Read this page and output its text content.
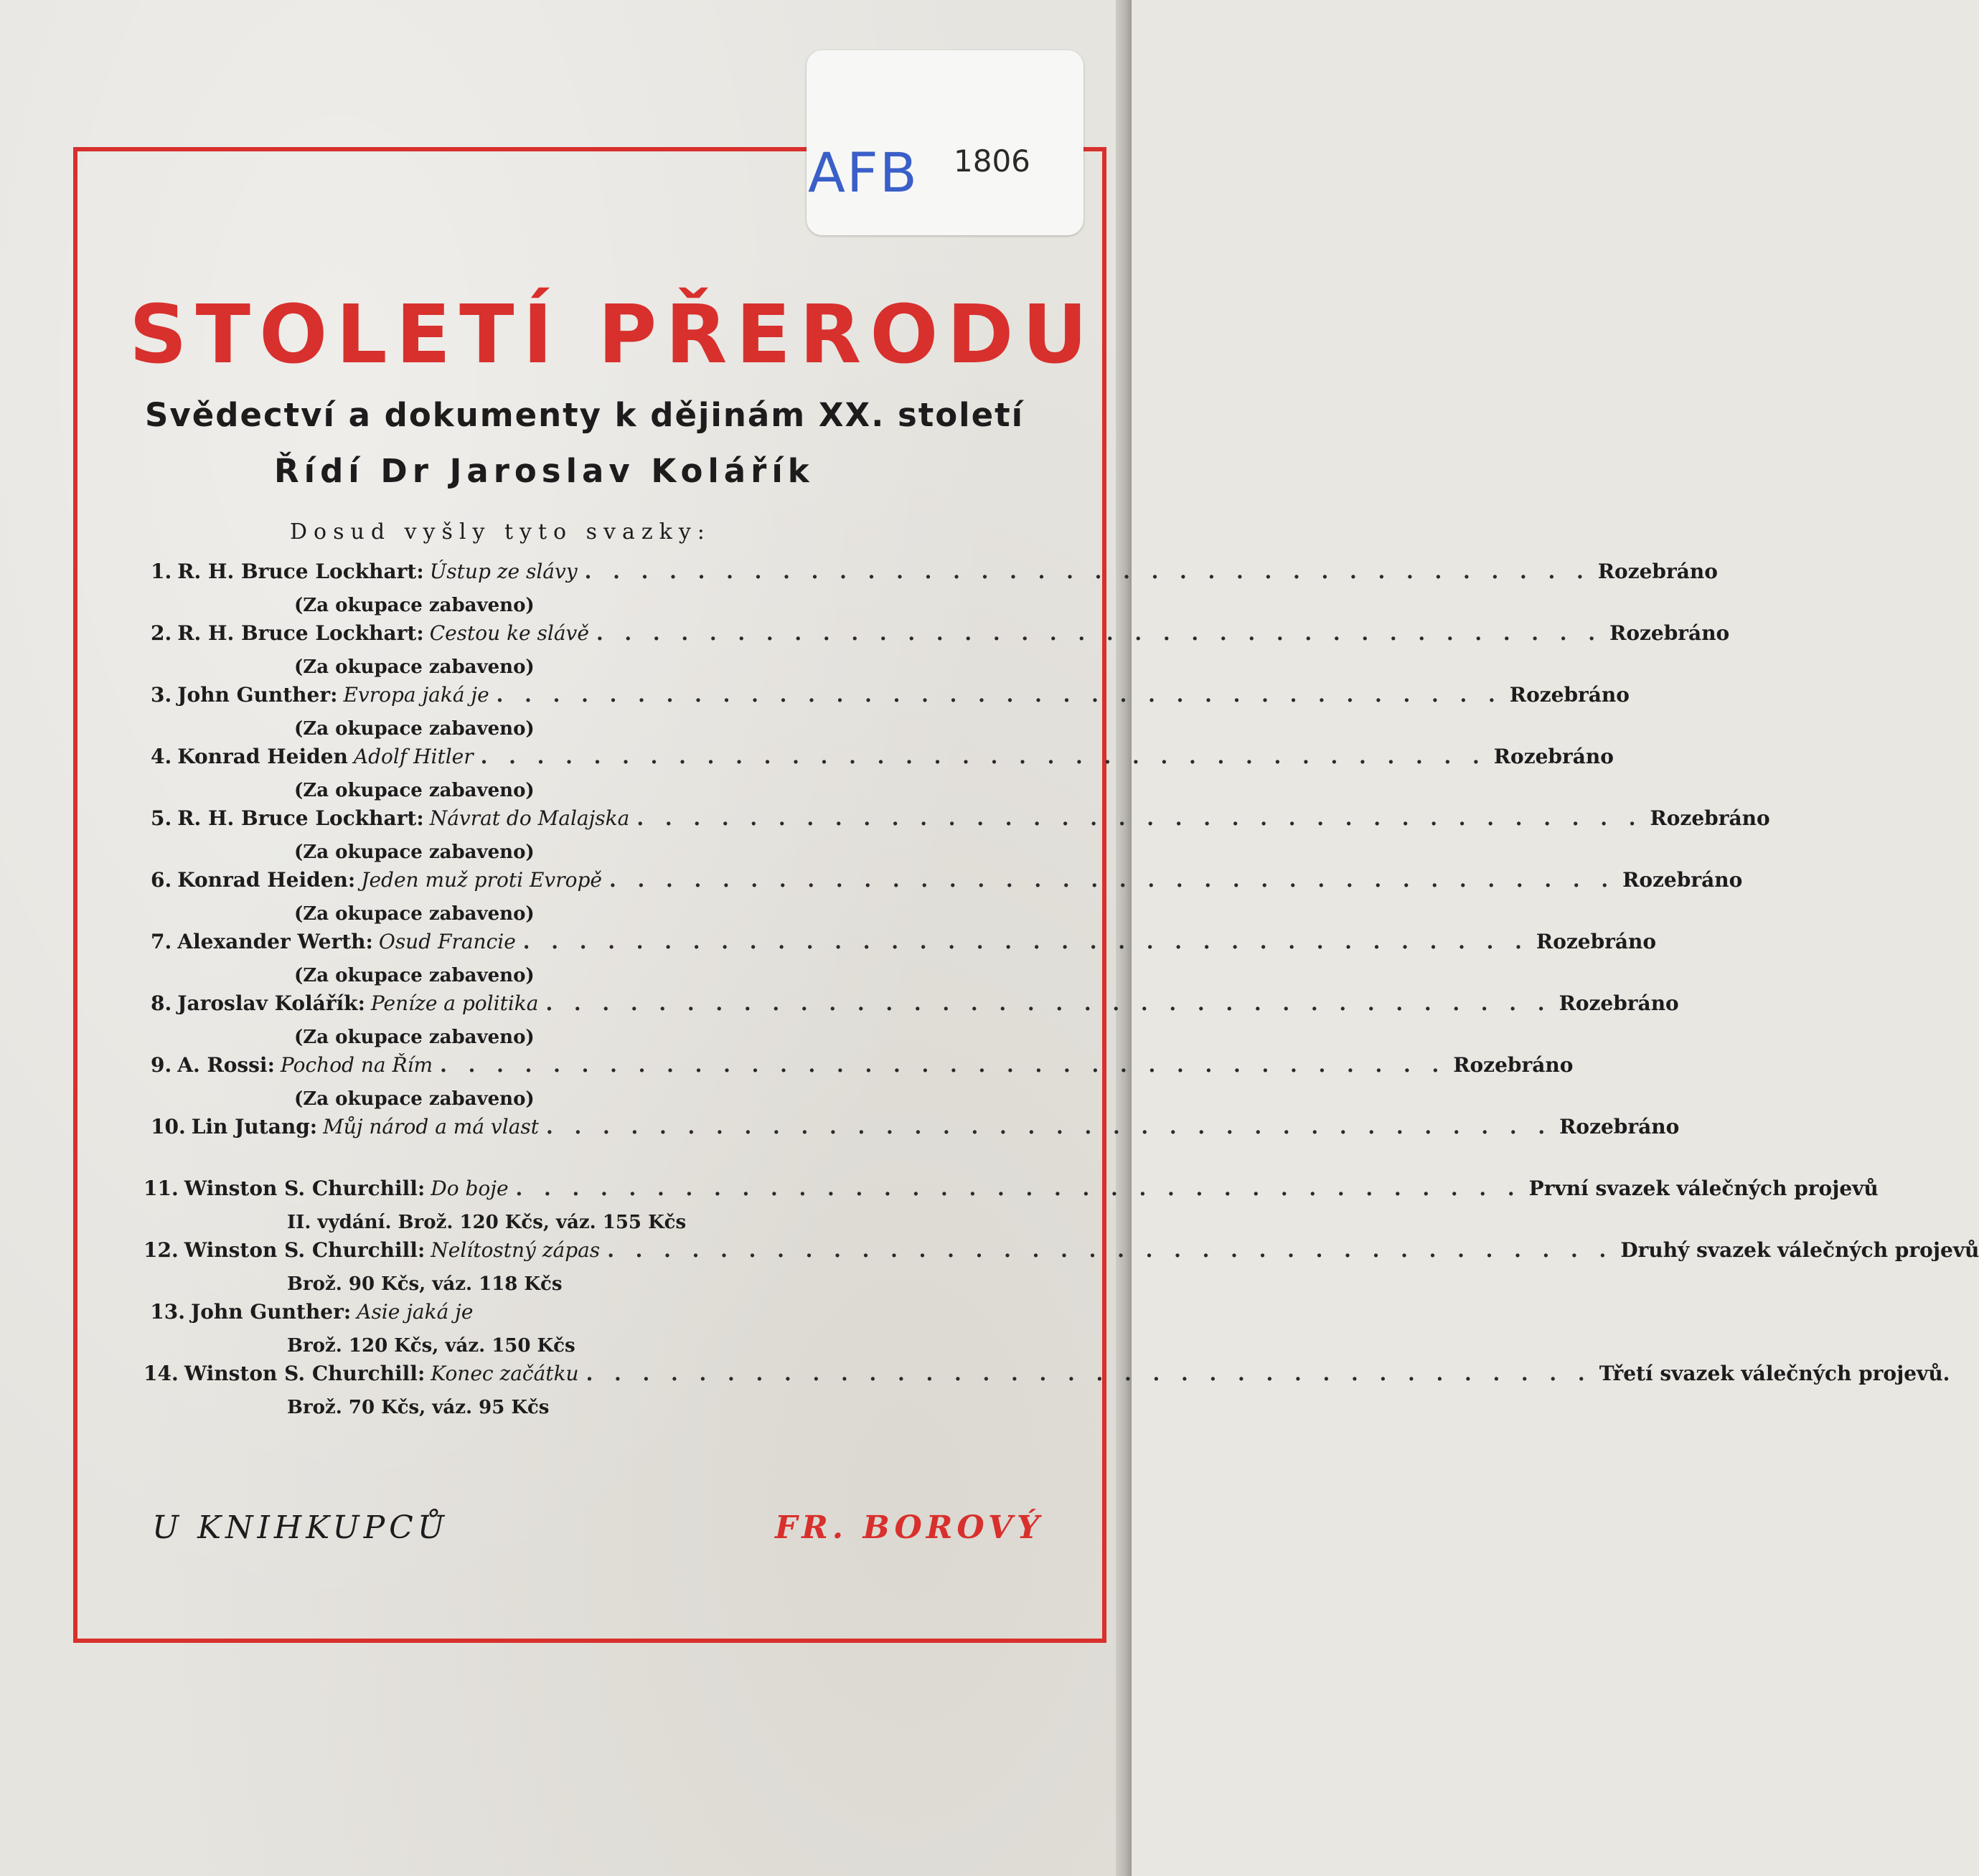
AFB 1806
STOLETÍ PŘERODU
Svědectví a dokumenty k dějinám XX. století
Řídí Dr Jaroslav Kolářík
Dosud vyšly tyto svazky:
1. R. H. Bruce Lockhart : Ústup ze slávy . . . . . . . . . . . . . . . . . . . . . . . . . . . . . . . . . . . . Rozebráno
(Za okupace zabaveno)
2. R. H. Bruce Lockhart : Cestou ke slávě . . . . . . . . . . . . . . . . . . . . . . . . . . . . . . . . . . . . Rozebráno
(Za okupace zabaveno)
3. John Gunther : Evropa jaká je . . . . . . . . . . . . . . . . . . . . . . . . . . . . . . . . . . . . Rozebráno
(Za okupace zabaveno)
4. Konrad Heiden Adolf Hitler . . . . . . . . . . . . . . . . . . . . . . . . . . . . . . . . . . . . Rozebráno
(Za okupace zabaveno)
5. R. H. Bruce Lockhart : Návrat do Malajska . . . . . . . . . . . . . . . . . . . . . . . . . . . . . . . . . . . . Rozebráno
(Za okupace zabaveno)
6. Konrad Heiden : Jeden muž proti Evropě . . . . . . . . . . . . . . . . . . . . . . . . . . . . . . . . . . . . Rozebráno
(Za okupace zabaveno)
7. Alexander Werth : Osud Francie . . . . . . . . . . . . . . . . . . . . . . . . . . . . . . . . . . . . Rozebráno
(Za okupace zabaveno)
8. Jaroslav Kolářík : Peníze a politika . . . . . . . . . . . . . . . . . . . . . . . . . . . . . . . . . . . . Rozebráno
(Za okupace zabaveno)
9. A. Rossi : Pochod na Řím . . . . . . . . . . . . . . . . . . . . . . . . . . . . . . . . . . . . Rozebráno
(Za okupace zabaveno)
10. Lin Jutang : Můj národ a má vlast . . . . . . . . . . . . . . . . . . . . . . . . . . . . . . . . . . . . Rozebráno
11. Winston S. Churchill : Do boje . . . . . . . . . . . . . . . . . . . . . . . . . . . . . . . . . . . . První svazek válečných projevů
II. vydání. Brož. 120 Kčs, váz. 155 Kčs
12. Winston S. Churchill : Nelítostný zápas . . . . . . . . . . . . . . . . . . . . . . . . . . . . . . . . . . . . Druhý svazek válečných projevů
Brož. 90 Kčs, váz. 118 Kčs
13. John Gunther : Asie jaká je
Brož. 120 Kčs, váz. 150 Kčs
14. Winston S. Churchill : Konec začátku . . . . . . . . . . . . . . . . . . . . . . . . . . . . . . . . . . . . Třetí svazek válečných projevů.
Brož. 70 Kčs, váz. 95 Kčs
U KNIHKUPCŮ	FR. BOROVÝ
